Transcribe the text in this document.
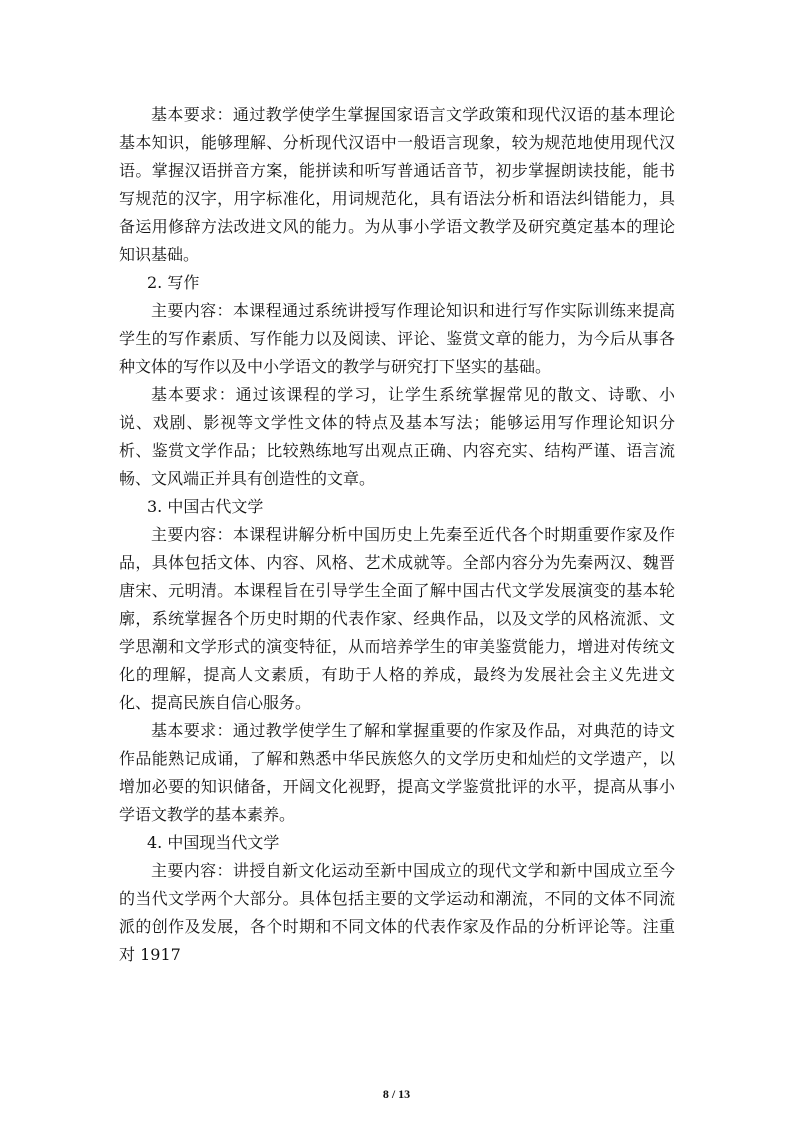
基本要求：通过教学使学生掌握国家语言文学政策和现代汉语的基本理论基本知识，能够理解、分析现代汉语中一般语言现象，较为规范地使用现代汉语。掌握汉语拼音方案，能拼读和听写普通话音节，初步掌握朗读技能，能书写规范的汉字，用字标准化，用词规范化，具有语法分析和语法纠错能力，具备运用修辞方法改进文风的能力。为从事小学语文教学及研究奠定基本的理论知识基础。

2. 写作

主要内容：本课程通过系统讲授写作理论知识和进行写作实际训练来提高学生的写作素质、写作能力以及阅读、评论、鉴赏文章的能力，为今后从事各种文体的写作以及中小学语文的教学与研究打下坚实的基础。

基本要求：通过该课程的学习，让学生系统掌握常见的散文、诗歌、小说、戏剧、影视等文学性文体的特点及基本写法；能够运用写作理论知识分析、鉴赏文学作品；比较熟练地写出观点正确、内容充实、结构严谨、语言流畅、文风端正并具有创造性的文章。

3. 中国古代文学

主要内容：本课程讲解分析中国历史上先秦至近代各个时期重要作家及作品，具体包括文体、内容、风格、艺术成就等。全部内容分为先秦两汉、魏晋唐宋、元明清。本课程旨在引导学生全面了解中国古代文学发展演变的基本轮廓，系统掌握各个历史时期的代表作家、经典作品，以及文学的风格流派、文学思潮和文学形式的演变特征，从而培养学生的审美鉴赏能力，增进对传统文化的理解，提高人文素质，有助于人格的养成，最终为发展社会主义先进文化、提高民族自信心服务。

基本要求：通过教学使学生了解和掌握重要的作家及作品，对典范的诗文作品能熟记成诵，了解和熟悉中华民族悠久的文学历史和灿烂的文学遗产，以增加必要的知识储备，开阔文化视野，提高文学鉴赏批评的水平，提高从事小学语文教学的基本素养。

4. 中国现当代文学

主要内容：讲授自新文化运动至新中国成立的现代文学和新中国成立至今的当代文学两个大部分。具体包括主要的文学运动和潮流，不同的文体不同流派的创作及发展，各个时期和不同文体的代表作家及作品的分析评论等。注重对 1917

8 / 13
